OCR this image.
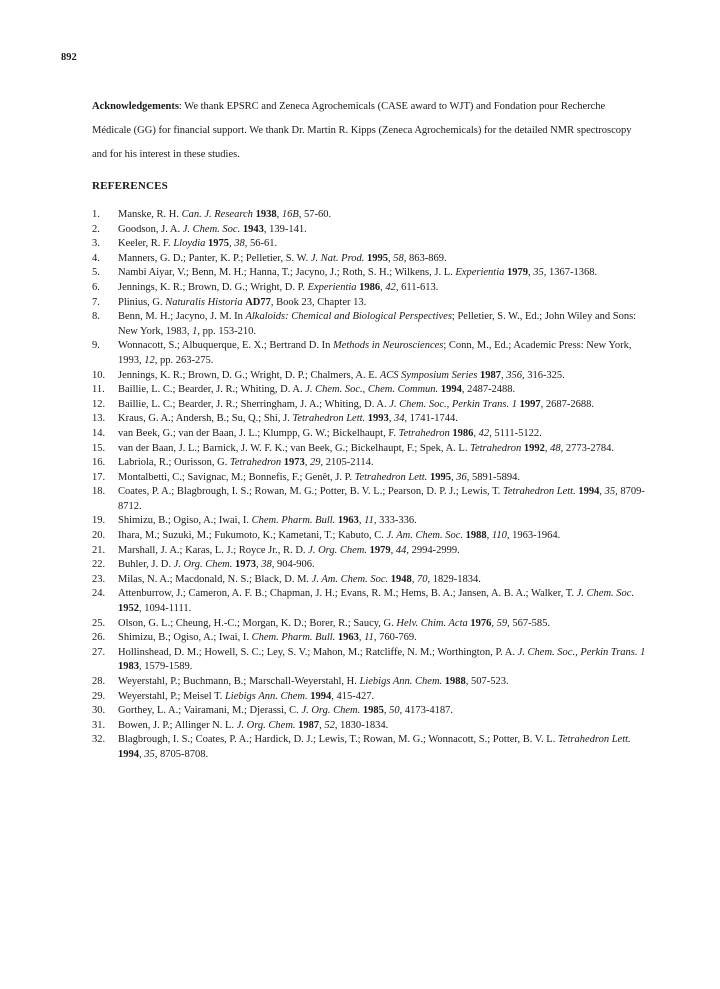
892

Acknowledgements: We thank EPSRC and Zeneca Agrochemicals (CASE award to WJT) and Fondation pour Recherche Médicale (GG) for financial support. We thank Dr. Martin R. Kipps (Zeneca Agrochemicals) for the detailed NMR spectroscopy and for his interest in these studies.

REFERENCES
1.	Manske, R. H. Can. J. Research 1938, 16B, 57-60.
2.	Goodson, J. A. J. Chem. Soc. 1943, 139-141.
3.	Keeler, R. F. Lloydia 1975, 38, 56-61.
4.	Manners, G. D.; Panter, K. P.; Pelletier, S. W. J. Nat. Prod. 1995, 58, 863-869.
5.	Nambi Aiyar, V.; Benn, M. H.; Hanna, T.; Jacyno, J.; Roth, S. H.; Wilkens, J. L. Experientia 1979, 35, 1367-1368.
6.	Jennings, K. R.; Brown, D. G.; Wright, D. P. Experientia 1986, 42, 611-613.
7.	Plinius, G. Naturalis Historia AD77, Book 23, Chapter 13.
8.	Benn, M. H.; Jacyno, J. M. In Alkaloids: Chemical and Biological Perspectives; Pelletier, S. W., Ed.; John Wiley and Sons: New York, 1983, 1, pp. 153-210.
9.	Wonnacott, S.; Albuquerque, E. X.; Bertrand D. In Methods in Neurosciences; Conn, M., Ed.; Academic Press: New York, 1993, 12, pp. 263-275.
10.	Jennings, K. R.; Brown, D. G.; Wright, D. P.; Chalmers, A. E. ACS Symposium Series 1987, 356, 316-325.
11.	Baillie, L. C.; Bearder, J. R.; Whiting, D. A. J. Chem. Soc., Chem. Commun. 1994, 2487-2488.
12.	Baillie, L. C.; Bearder, J. R.; Sherringham, J. A.; Whiting, D. A. J. Chem. Soc., Perkin Trans. 1 1997, 2687-2688.
13.	Kraus, G. A.; Andersh, B.; Su, Q.; Shi, J. Tetrahedron Lett. 1993, 34, 1741-1744.
14.	van Beek, G.; van der Baan, J. L.; Klumpp, G. W.; Bickelhaupt, F. Tetrahedron 1986, 42, 5111-5122.
15.	van der Baan, J. L.; Barnick, J. W. F. K.; van Beek, G.; Bickelhaupt, F.; Spek, A. L. Tetrahedron 1992, 48, 2773-2784.
16.	Labriola, R.; Ourisson, G. Tetrahedron 1973, 29, 2105-2114.
17.	Montalbetti, C.; Savignac, M.; Bonnefis, F.; Genêt, J. P. Tetrahedron Lett. 1995, 36, 5891-5894.
18.	Coates, P. A.; Blagbrough, I. S.; Rowan, M. G.; Potter, B. V. L.; Pearson, D. P. J.; Lewis, T. Tetrahedron Lett. 1994, 35, 8709-8712.
19.	Shimizu, B.; Ogiso, A.; Iwai, I. Chem. Pharm. Bull. 1963, 11, 333-336.
20.	Ihara, M.; Suzuki, M.; Fukumoto, K.; Kametani, T.; Kabuto, C. J. Am. Chem. Soc. 1988, 110, 1963-1964.
21.	Marshall, J. A.; Karas, L. J.; Royce Jr., R. D. J. Org. Chem. 1979, 44, 2994-2999.
22.	Buhler, J. D. J. Org. Chem. 1973, 38, 904-906.
23.	Milas, N. A.; Macdonald, N. S.; Black, D. M. J. Am. Chem. Soc. 1948, 70, 1829-1834.
24.	Attenburrow, J.; Cameron, A. F. B.; Chapman, J. H.; Evans, R. M.; Hems, B. A.; Jansen, A. B. A.; Walker, T. J. Chem. Soc. 1952, 1094-1111.
25.	Olson, G. L.; Cheung, H.-C.; Morgan, K. D.; Borer, R.; Saucy, G. Helv. Chim. Acta 1976, 59, 567-585.
26.	Shimizu, B.; Ogiso, A.; Iwai, I. Chem. Pharm. Bull. 1963, 11, 760-769.
27.	Hollinshead, D. M.; Howell, S. C.; Ley, S. V.; Mahon, M.; Ratcliffe, N. M.; Worthington, P. A. J. Chem. Soc., Perkin Trans. 1 1983, 1579-1589.
28.	Weyerstahl, P.; Buchmann, B.; Marschall-Weyerstahl, H. Liebigs Ann. Chem. 1988, 507-523.
29.	Weyerstahl, P.; Meisel T. Liebigs Ann. Chem. 1994, 415-427.
30.	Gorthey, L. A.; Vairamani, M.; Djerassi, C. J. Org. Chem. 1985, 50, 4173-4187.
31.	Bowen, J. P.; Allinger N. L. J. Org. Chem. 1987, 52, 1830-1834.
32.	Blagbrough, I. S.; Coates, P. A.; Hardick, D. J.; Lewis, T.; Rowan, M. G.; Wonnacott, S.; Potter, B. V. L. Tetrahedron Lett. 1994, 35, 8705-8708.
